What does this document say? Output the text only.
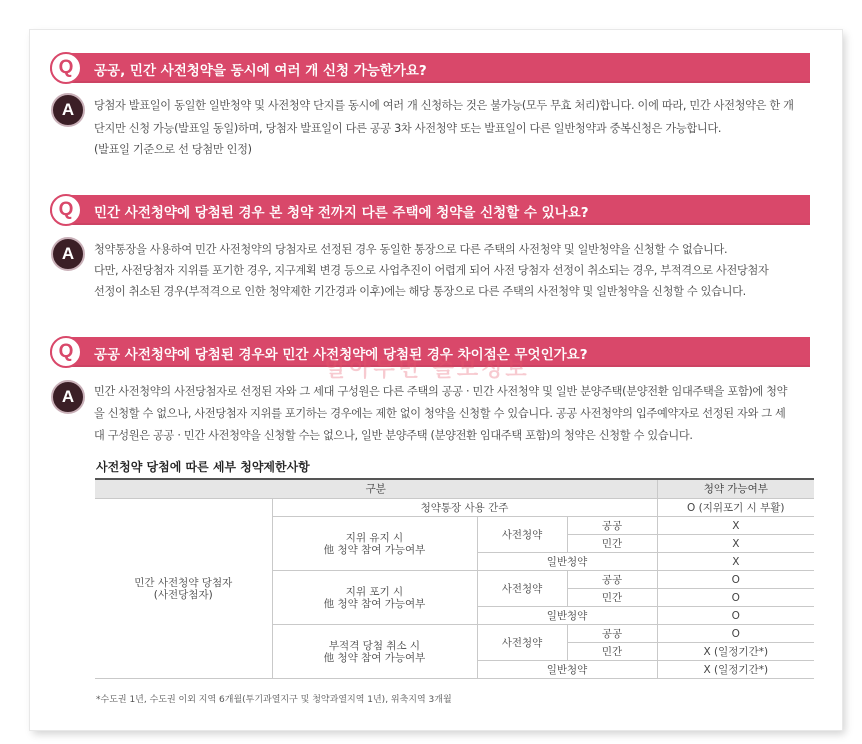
Q	공공, 민간 사전청약을 동시에 여러 개 신청 가능한가요?
A	당첨자 발표일이 동일한 일반청약 및 사전청약 단지를 동시에 여러 개 신청하는 것은 불가능(모두 무효 처리)합니다. 이에 따라, 민간 사전청약은 한 개
단지만 신청 가능(발표일 동일)하며, 당첨자 발표일이 다른 공공 3차 사전청약 또는 발표일이 다른 일반청약과 중복신청은 가능합니다.
(발표일 기준으로 선 당첨만 인정)
Q	민간 사전청약에 당첨된 경우 본 청약 전까지 다른 주택에 청약을 신청할 수 있나요?
A	청약통장을 사용하여 민간 사전청약의 당첨자로 선정된 경우 동일한 통장으로 다른 주택의 사전청약 및 일반청약을 신청할 수 없습니다.
다만, 사전당첨자 지위를 포기한 경우, 지구계획 변경 등으로 사업추진이 어렵게 되어 사전 당첨자 선정이 취소되는 경우, 부적격으로 사전당첨자
선정이 취소된 경우(부적격으로 인한 청약제한 기간경과 이후)에는 해당 통장으로 다른 주택의 사전청약 및 일반청약을 신청할 수 있습니다.
Q	공공 사전청약에 당첨된 경우와 민간 사전청약에 당첨된 경우 차이점은 무엇인가요?
알아두면 쓸모정보
A	민간 사전청약의 사전당첨자로 선정된 자와 그 세대 구성원은 다른 주택의 공공 · 민간 사전청약 및 일반 분양주택(분양전환 임대주택을 포함)에 청약
을 신청할 수 없으나, 사전당첨자 지위를 포기하는 경우에는 제한 없이 청약을 신청할 수 있습니다. 공공 사전청약의 입주예약자로 선정된 자와 그 세
대 구성원은 공공 · 민간 사전청약을 신청할 수는 없으나, 일반 분양주택 (분양전환 임대주택 포함)의 청약은 신청할 수 있습니다.
사전청약 당첨에 따른 세부 청약제한사항
구분				청약 가능여부
민간 사전청약 당첨자
(사전당첨자)	청약통장 사용 간주			O (지위포기 시 부활)
	지위 유지 시
他 청약 참여 가능여부	사전청약	공공	X
			민간	X
		일반청약		X
	지위 포기 시
他 청약 참여 가능여부	사전청약	공공	O
			민간	O
		일반청약		O
	부적격 당첨 취소 시
他 청약 참여 가능여부	사전청약	공공	O
			민간	X (일정기간*)
		일반청약		X (일정기간*)
*수도권 1년, 수도권 이외 지역 6개월(투기과열지구 및 청약과열지역 1년), 위축지역 3개월
